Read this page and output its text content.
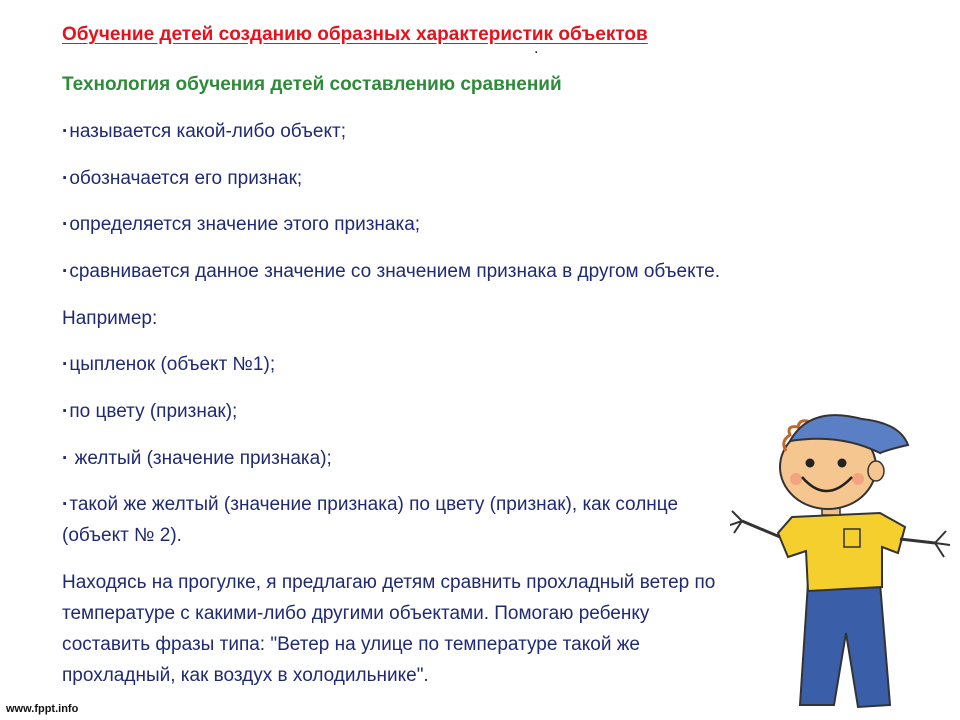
Обучение детей созданию образных характеристик объектов
.
Технология обучения детей составлению сравнений
· называется какой-либо объект;
· обозначается его признак;
· определяется значение этого признака;
· сравнивается данное значение со значением признака в другом объекте.
Например:
· цыпленок (объект №1);
· по цвету (признак);
· желтый (значение признака);
· такой же желтый (значение признака) по цвету (признак), как солнце
(объект № 2).
Находясь на прогулке, я предлагаю детям сравнить прохладный ветер по
температуре с какими-либо другими объектами. Помогаю ребенку
составить фразы типа: "Ветер на улице по температуре такой же
прохладный, как воздух в холодильнике".
www.fppt.info
